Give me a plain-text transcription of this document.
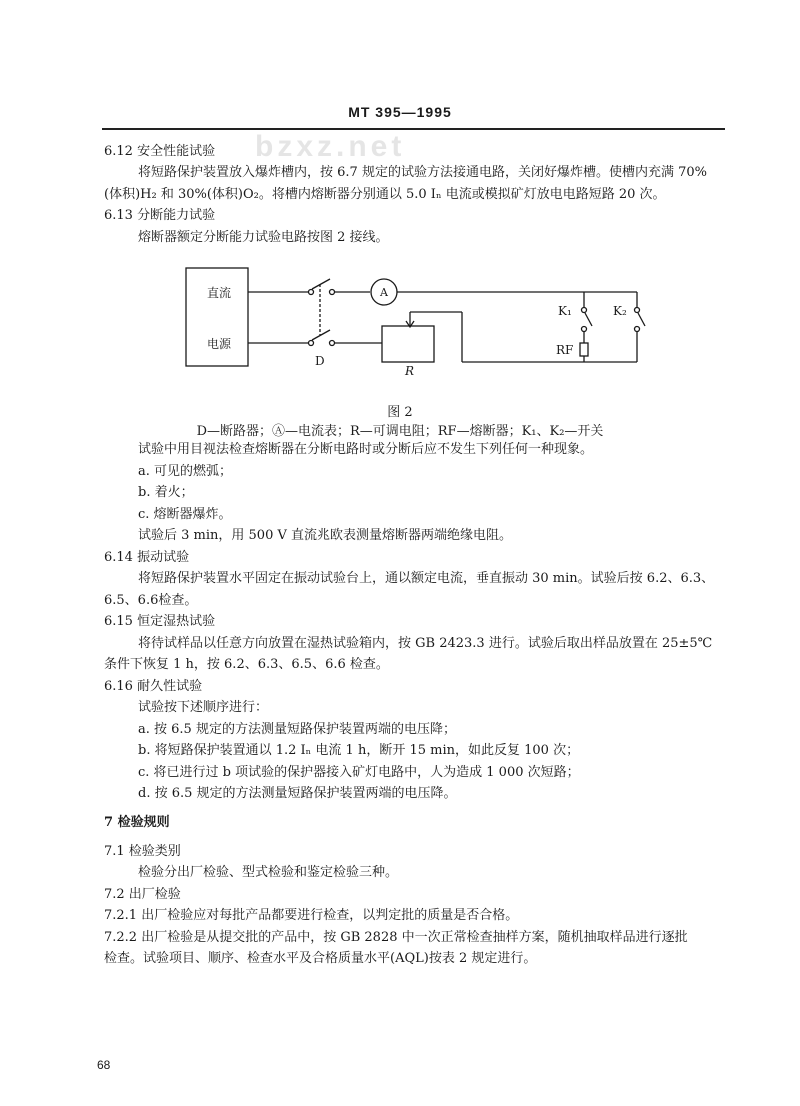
bzxz.net
MT 395—1995
6.12 安全性能试验
将短路保护装置放入爆炸槽内，按 6.7 规定的试验方法接通电路，关闭好爆炸槽。使槽内充满 70%
(体积)H₂ 和 30%(体积)O₂。将槽内熔断器分别通以 5.0 Iₙ 电流或模拟矿灯放电电路短路 20 次。
6.13 分断能力试验
熔断器额定分断能力试验电路按图 2 接线。
直流
电源
D
A
R
K₁	K₂
RF
图 2
D—断路器；Ⓐ—电流表；R—可调电阻；RF—熔断器；K₁、K₂—开关
试验中用目视法检查熔断器在分断电路时或分断后应不发生下列任何一种现象。
a. 可见的燃弧；
b. 着火；
c. 熔断器爆炸。
试验后 3 min，用 500 V 直流兆欧表测量熔断器两端绝缘电阻。
6.14 振动试验
将短路保护装置水平固定在振动试验台上，通以额定电流，垂直振动 30 min。试验后按 6.2、6.3、
6.5、6.6检查。
6.15 恒定湿热试验
将待试样品以任意方向放置在湿热试验箱内，按 GB 2423.3 进行。试验后取出样品放置在 25±5℃
条件下恢复 1 h，按 6.2、6.3、6.5、6.6 检查。
6.16 耐久性试验
试验按下述顺序进行：
a. 按 6.5 规定的方法测量短路保护装置两端的电压降；
b. 将短路保护装置通以 1.2 Iₙ 电流 1 h，断开 15 min，如此反复 100 次；
c. 将已进行过 b 项试验的保护器接入矿灯电路中，人为造成 1 000 次短路；
d. 按 6.5 规定的方法测量短路保护装置两端的电压降。
7 检验规则
7.1 检验类别
检验分出厂检验、型式检验和鉴定检验三种。
7.2 出厂检验
7.2.1 出厂检验应对每批产品都要进行检查，以判定批的质量是否合格。
7.2.2 出厂检验是从提交批的产品中，按 GB 2828 中一次正常检查抽样方案，随机抽取样品进行逐批
检查。试验项目、顺序、检查水平及合格质量水平(AQL)按表 2 规定进行。
68
